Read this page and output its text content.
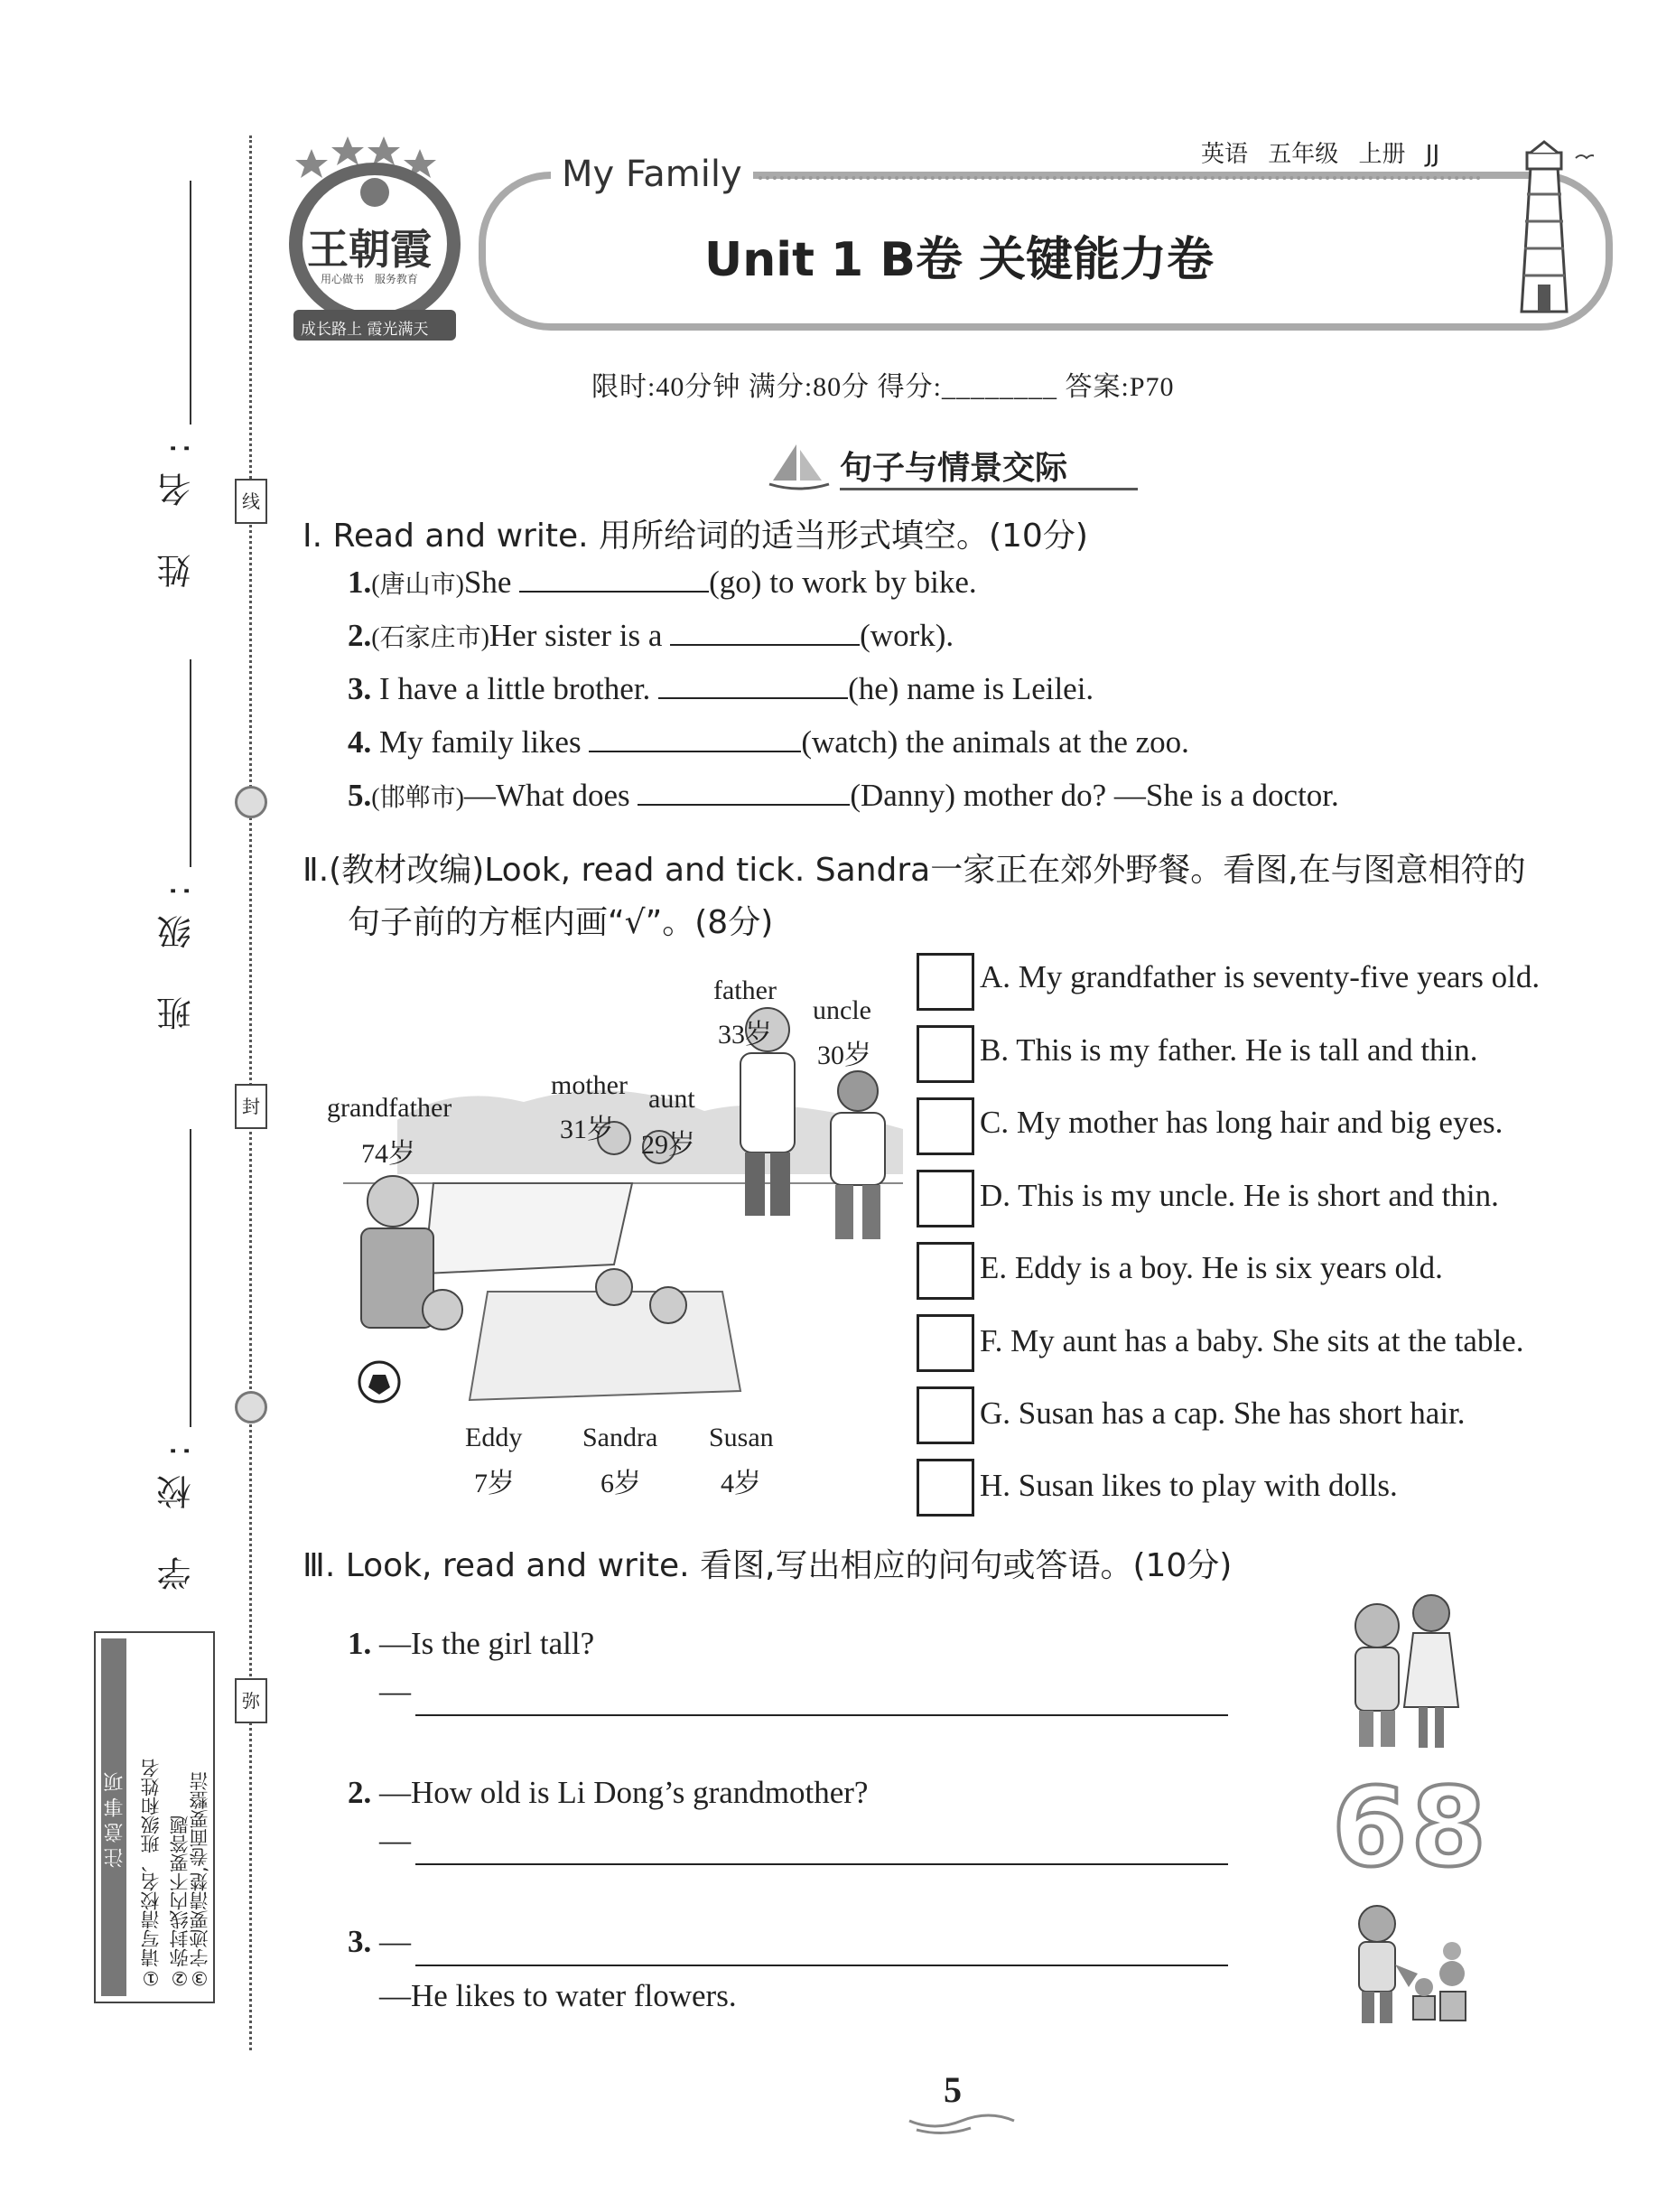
姓 名:
班 级:
学 校:
线
封
弥
注意事项 ①请写清校名、班级和姓名 ②弥封线内不要答题
③字迹要清楚,卷面要整洁
王朝霞
用心做书 服务教育
成长路上 霞光满天
My Family
Unit 1 B卷 关键能力卷
英语 五年级 上册 JJ
限时:40分钟 满分:80分 得分:________ 答案:P70
句子与情景交际
Ⅰ. Read and write. 用所给词的适当形式填空。(10分)
1.(唐山市)She	(go) to work by bike.
2.(石家庄市)Her sister is a	(work).
3. I have a little brother.	(he) name is Leilei.
4. My family likes	(watch) the animals at the zoo.
5.(邯郸市)—What does	(Danny) mother do? —She is a doctor.
Ⅱ.(教材改编)Look, read and tick. Sandra一家正在郊外野餐。看图,在与图意相符的
句子前的方框内画“√”。(8分)
father
33岁
uncle
30岁
mother
31岁
aunt
29岁
grandfather
74岁
Eddy
7岁
Sandra
6岁
Susan
4岁
A. My grandfather is seventy-five years old.
B. This is my father. He is tall and thin.
C. My mother has long hair and big eyes.
D. This is my uncle. He is short and thin.
E. Eddy is a boy. He is six years old.
F. My aunt has a baby. She sits at the table.
G. Susan has a cap. She has short hair.
H. Susan likes to play with dolls.
Ⅲ. Look, read and write. 看图,写出相应的问句或答语。(10分)
1. —Is the girl tall?
—
2. —How old is Li Dong’s grandmother?
—
3. —
—He likes to water flowers.
68
5
